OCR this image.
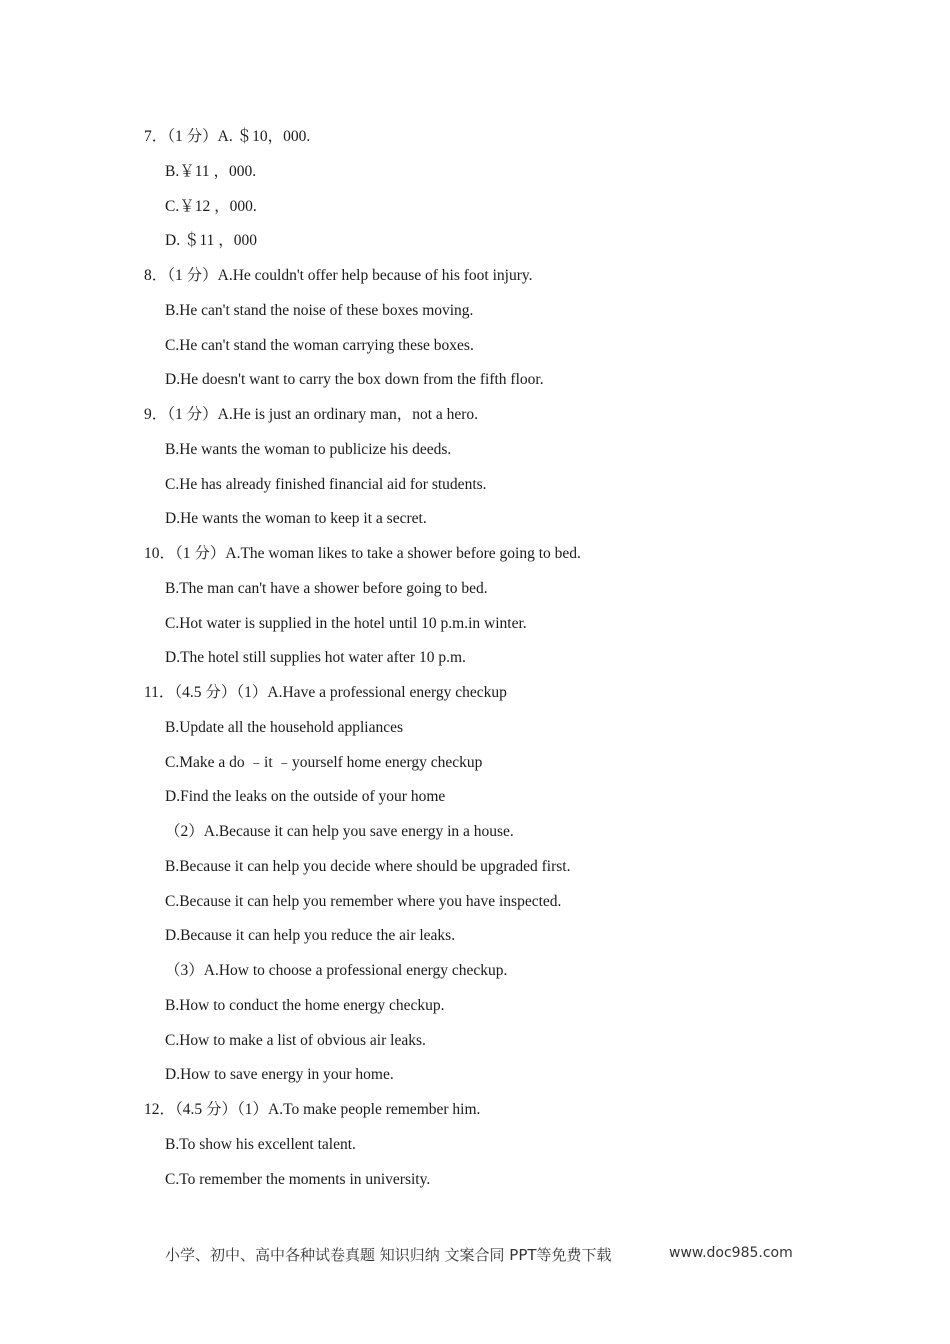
7．（1 分）A. ＄10，000.
B.￥11 ，000.
C.￥12 ，000.
D. ＄11 ，000
8．（1 分）A.He couldn't offer help because of his foot injury.
B.He can't stand the noise of these boxes moving.
C.He can't stand the woman carrying these boxes.
D.He doesn't want to carry the box down from the fifth floor.
9．（1 分）A.He is just an ordinary man，not a hero.
B.He wants the woman to publicize his deeds.
C.He has already finished financial aid for students.
D.He wants the woman to keep it a secret.
10．（1 分）A.The woman likes to take a shower before going to bed.
B.The man can't have a shower before going to bed.
C.Hot water is supplied in the hotel until 10 p.m.in winter.
D.The hotel still supplies hot water after 10 p.m.
11．（4.5 分）（1）A.Have a professional energy checkup
B.Update all the household appliances
C.Make a do ﹣it ﹣yourself home energy checkup
D.Find the leaks on the outside of your home
（2）A.Because it can help you save energy in a house.
B.Because it can help you decide where should be upgraded first.
C.Because it can help you remember where you have inspected.
D.Because it can help you reduce the air leaks.
（3）A.How to choose a professional energy checkup.
B.How to conduct the home energy checkup.
C.How to make a list of obvious air leaks.
D.How to save energy in your home.
12．（4.5 分）（1）A.To make people remember him.
B.To show his excellent talent.
C.To remember the moments in university.
小学、初中、高中各种试卷真题 知识归纳 文案合同 PPT等免费下载	www.doc985.com
